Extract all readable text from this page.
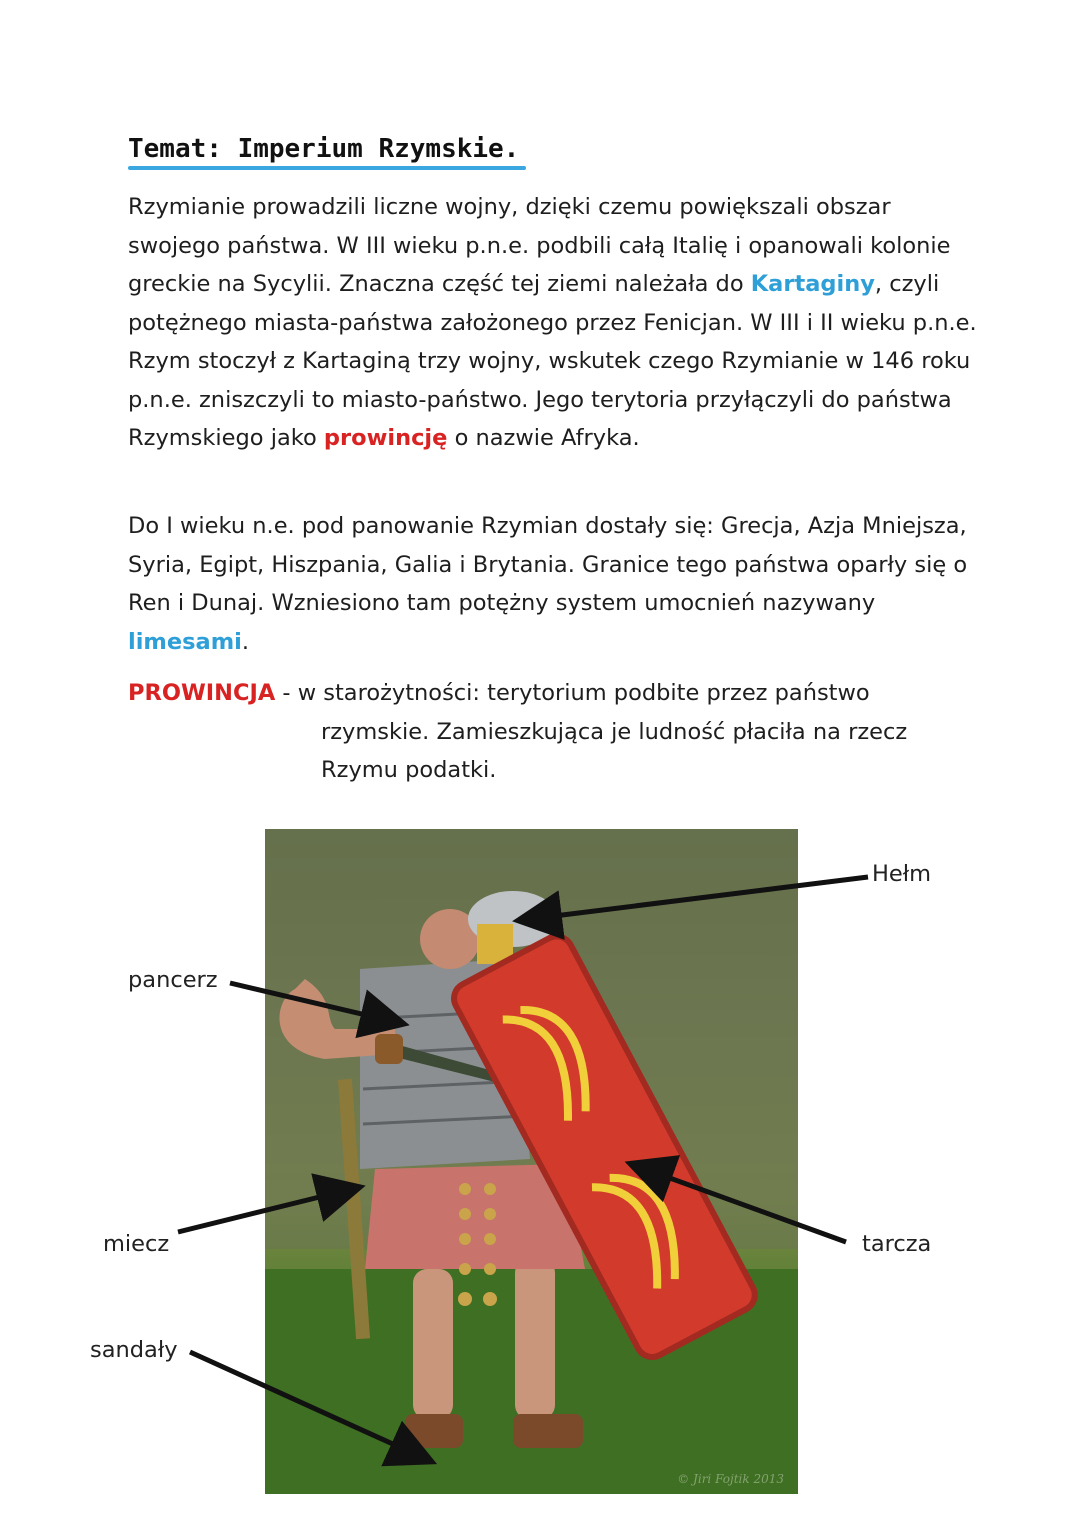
Temat: Imperium Rzymskie.

Rzymianie prowadzili liczne wojny, dzięki czemu powiększali obszar swojego państwa. W III wieku p.n.e. podbili całą Italię i opanowali kolonie greckie na Sycylii. Znaczna część tej ziemi należała do Kartaginy, czyli potężnego miasta-państwa założonego przez Fenicjan. W III i II wieku p.n.e. Rzym stoczył z Kartaginą trzy wojny, wskutek czego Rzymianie w 146 roku p.n.e. zniszczyli to miasto-państwo. Jego terytoria przyłączyli do państwa Rzymskiego jako prowincję o nazwie Afryka.

Do I wieku n.e. pod panowanie Rzymian dostały się: Grecja, Azja Mniejsza, Syria, Egipt, Hiszpania, Galia i Brytania. Granice tego państwa oparły się o Ren i Dunaj. Wzniesiono tam potężny system umocnień nazywany limesami.

PROWINCJA - w starożytności: terytorium podbite przez państwo
rzymskie. Zamieszkująca je ludność płaciła na rzecz Rzymu podatki.
© Jiri Fojtik 2013
Hełm
pancerz
miecz	tarcza
sandały
